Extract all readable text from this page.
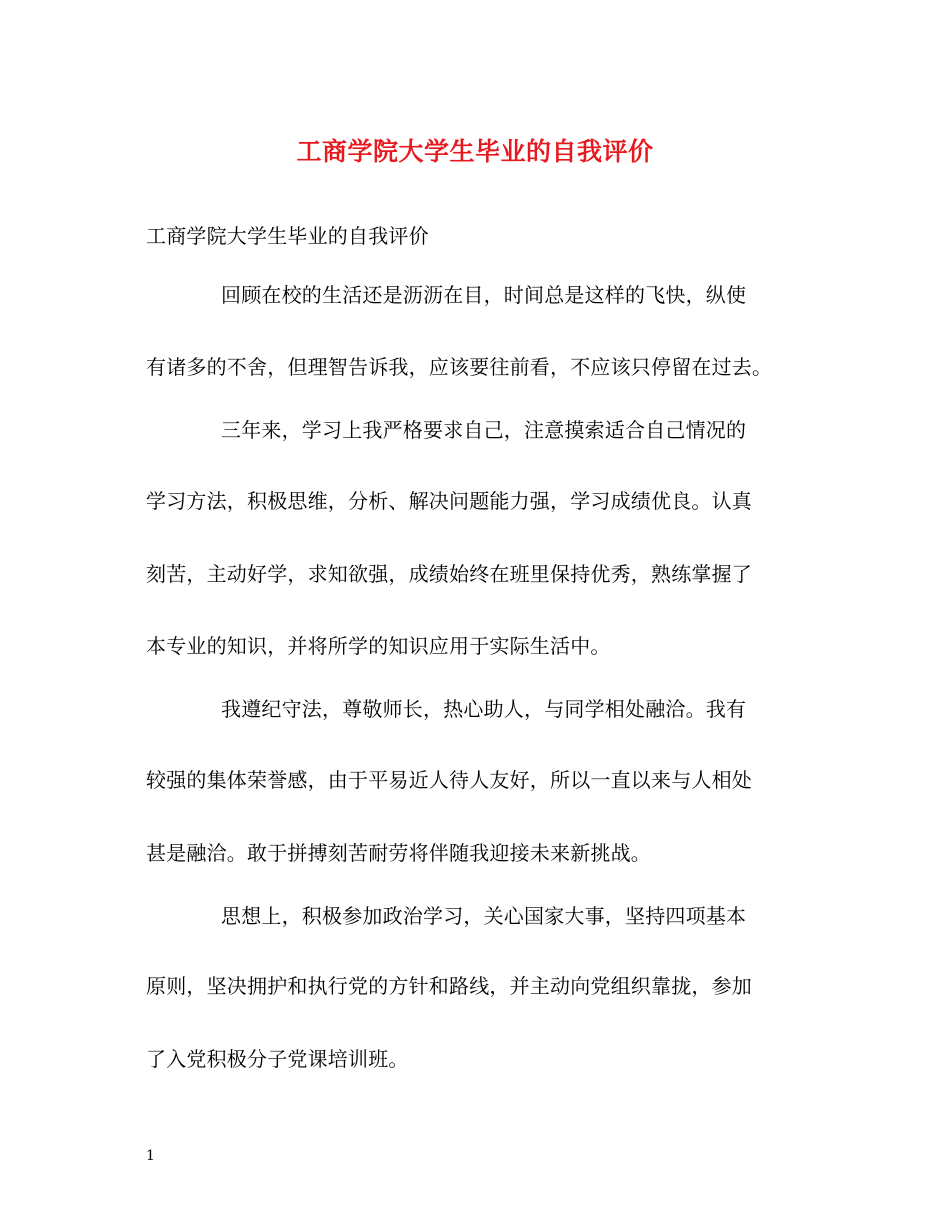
工商学院大学生毕业的自我评价
工商学院大学生毕业的自我评价
回顾在校的生活还是沥沥在目，时间总是这样的飞快，纵使
有诸多的不舍，但理智告诉我，应该要往前看，不应该只停留在过去。
三年来，学习上我严格要求自己，注意摸索适合自己情况的
学习方法，积极思维，分析、解决问题能力强，学习成绩优良。认真
刻苦，主动好学，求知欲强，成绩始终在班里保持优秀，熟练掌握了
本专业的知识，并将所学的知识应用于实际生活中。
我遵纪守法，尊敬师长，热心助人，与同学相处融洽。我有
较强的集体荣誉感，由于平易近人待人友好，所以一直以来与人相处
甚是融洽。敢于拼搏刻苦耐劳将伴随我迎接未来新挑战。
思想上，积极参加政治学习，关心国家大事，坚持四项基本
原则，坚决拥护和执行党的方针和路线，并主动向党组织靠拢，参加
了入党积极分子党课培训班。
1
